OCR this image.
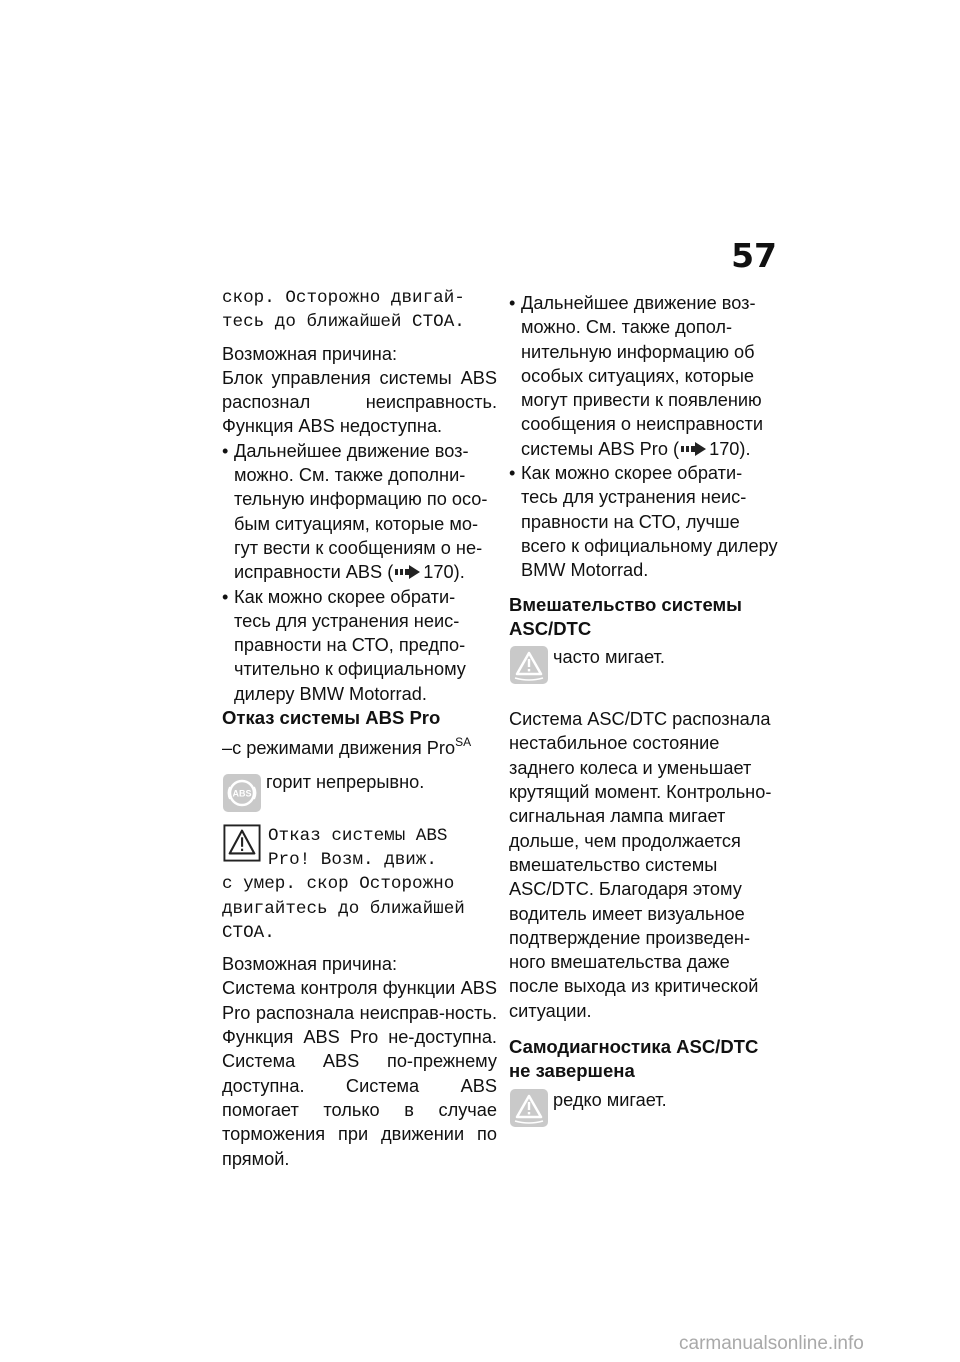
57

скор. Осторожно двигай-
тесь до ближайшей СТОА.

Возможная причина:

Блок управления системы ABS распознал неисправность. Функция ABS недоступна.

• Дальнейшее движение воз-
можно. См. также дополни-
тельную информацию по осо-
бым ситуациям, которые мо-
гут вести к сообщениям о не-
исправности ABS ( 170).
• Как можно скорее обрати-
тесь для устранения неис-
правности на СТО, предпо-
чтительно к официальному
дилеру BMW Motorrad.

Отказ системы ABS Pro

–с режимами движения Pro$^{SA}$

ABS
горит непрерывно.
Отказ системы ABS
Pro! Возм. движ.

с умер. скор Осторожно
двигайтесь до ближайшей
СТОА.

Возможная причина:

Система контроля функции ABS Pro распознала неисправ-ность. Функция ABS Pro не-доступна. Система ABS по-прежнему доступна. Система ABS помогает только в случае торможения при движении по прямой.

• Дальнейшее движение воз-
можно. См. также допол-
нительную информацию об
особых ситуациях, которые
могут привести к появлению
сообщения о неисправности
системы ABS Pro ( 170).
• Как можно скорее обрати-
тесь для устранения неис-
правности на СТО, лучше
всего к официальному дилеру
BMW Motorrad.

Вмешательство системы
ASC/DTC

часто мигает.

Система ASC/DTC распознала нестабильное состояние заднего колеса и уменьшает крутящий момент. Контрольно-сигнальная лампа мигает дольше, чем продолжается вмешательство системы ASC/DTC. Благодаря этому водитель имеет визуальное подтверждение произведен-ного вмешательства даже после выхода из критической ситуации.

Самодиагностика ASC/DTC
не завершена

редко мигает.
carmanualsonline.info
